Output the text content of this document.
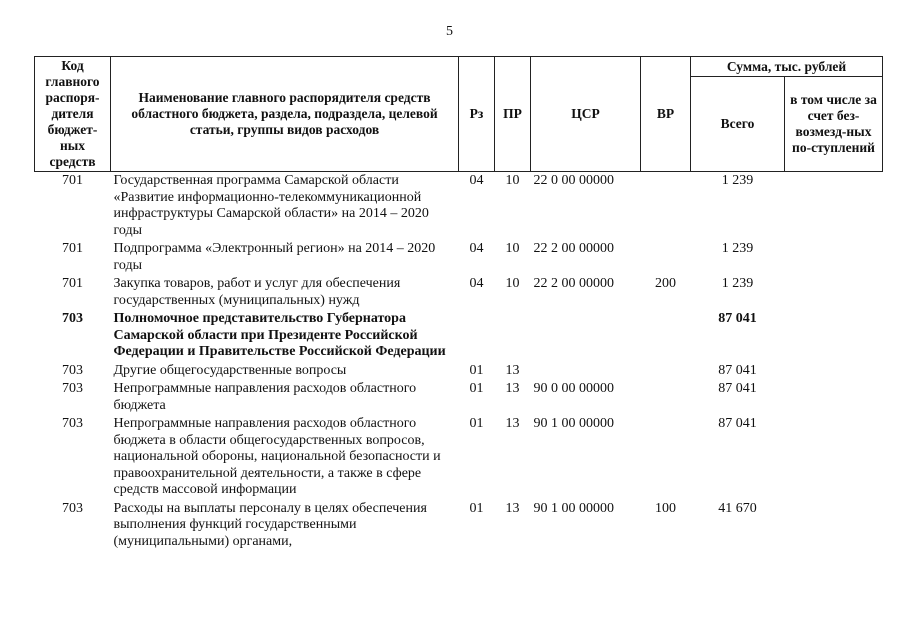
5
Код главного распоря-дителя бюджет-ных средств	Наименование главного распорядителя средств областного бюджета, раздела, подраздела, целевой статьи, группы видов расходов	Рз	ПР	ЦСР	ВР	Сумма, тыс. рублей	
						Всего	в том числе за счет без-возмезд-ных по-ступлений
701	Государственная программа Самарской области «Развитие информационно-телекоммуникационной инфраструктуры Самарской области» на 2014 – 2020 годы	04	10	22 0 00 00000		1 239	
701	Подпрограмма «Электронный регион» на 2014 – 2020 годы	04	10	22 2 00 00000		1 239	
701	Закупка товаров, работ и услуг для обеспечения государственных (муниципальных) нужд	04	10	22 2 00 00000	200	1 239	
703	Полномочное представительство Губернатора Самарской области при Президенте Российской Федерации и Правительстве Российской Федерации					87 041	
703	Другие общегосударственные вопросы	01	13			87 041	
703	Непрограммные направления расходов областного бюджета	01	13	90 0 00 00000		87 041	
703	Непрограммные направления расходов областного бюджета в области общегосударственных вопросов, национальной обороны, национальной безопасности и правоохранительной деятельности, а также в сфере средств массовой информации	01	13	90 1 00 00000		87 041	
703	Расходы на выплаты персоналу в целях обеспечения выполнения функций государственными (муниципальными) органами,	01	13	90 1 00 00000	100	41 670	
